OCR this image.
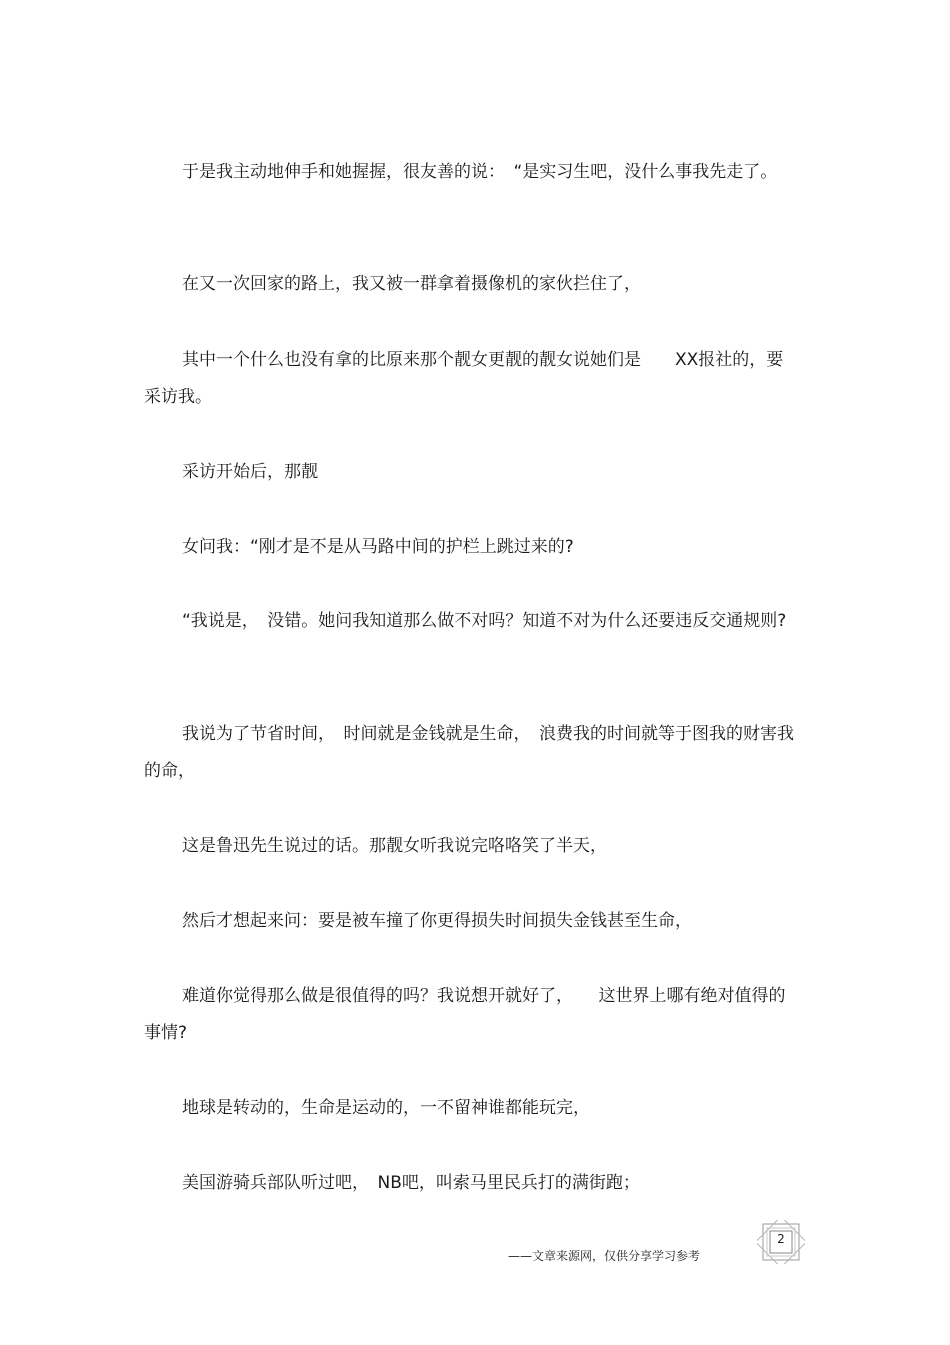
于是我主动地伸手和她握握，很友善的说：　“是实习生吧，没什么事我先走了。

在又一次回家的路上，我又被一群拿着摄像机的家伙拦住了，

其中一个什么也没有拿的比原来那个靓女更靓的靓女说她们是　　XX报社的，要采访我。

采访开始后，那靓

女问我：“刚才是不是从马路中间的护栏上跳过来的?

“我说是，　没错。她问我知道那么做不对吗？知道不对为什么还要违反交通规则?

我说为了节省时间，　时间就是金钱就是生命，　浪费我的时间就等于图我的财害我的命，

这是鲁迅先生说过的话。那靓女听我说完咯咯笑了半天，

然后才想起来问：要是被车撞了你更得损失时间损失金钱甚至生命，

难道你觉得那么做是很值得的吗？我说想开就好了，　　这世界上哪有绝对值得的事情?

地球是转动的，生命是运动的，一不留神谁都能玩完，

美国游骑兵部队听过吧，　NB吧，叫索马里民兵打的满街跑；

——文章来源网，仅供分享学习参考
2
